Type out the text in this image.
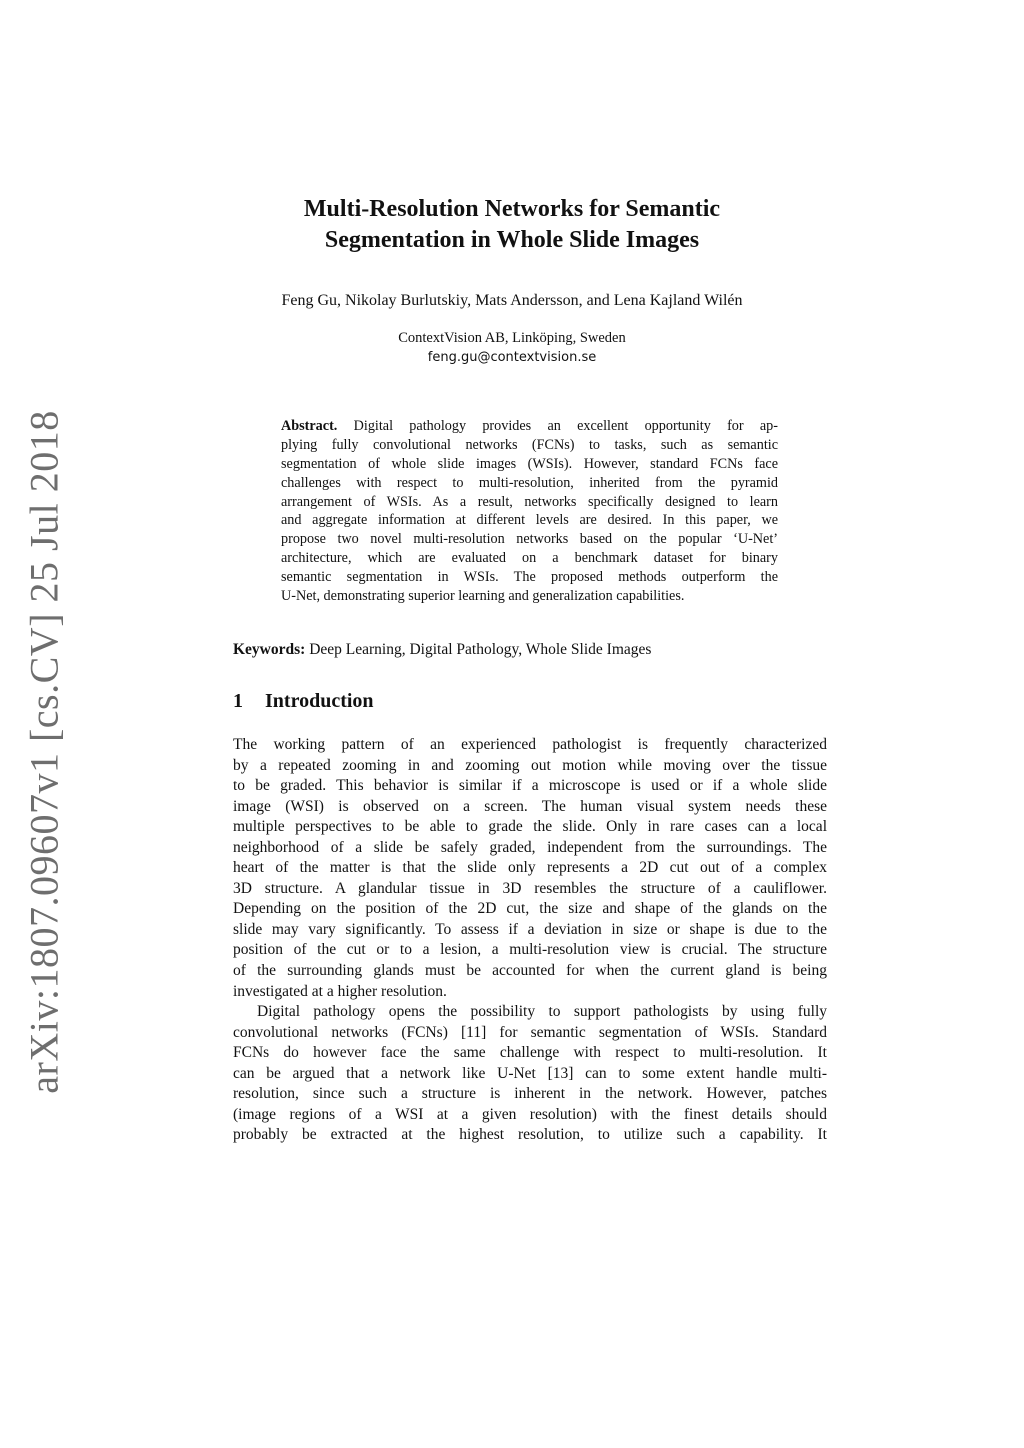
arXiv:1807.09607v1 [cs.CV] 25 Jul 2018
Multi-Resolution Networks for Semantic
Segmentation in Whole Slide Images
Feng Gu, Nikolay Burlutskiy, Mats Andersson, and Lena Kajland Wilén
ContextVision AB, Linköping, Sweden
feng.gu@contextvision.se
Abstract. Digital pathology provides an excellent opportunity for ap-
plying fully convolutional networks (FCNs) to tasks, such as semantic
segmentation of whole slide images (WSIs). However, standard FCNs face
challenges with respect to multi-resolution, inherited from the pyramid
arrangement of WSIs. As a result, networks specifically designed to learn
and aggregate information at different levels are desired. In this paper, we
propose two novel multi-resolution networks based on the popular ‘U-Net’
architecture, which are evaluated on a benchmark dataset for binary
semantic segmentation in WSIs. The proposed methods outperform the
U-Net, demonstrating superior learning and generalization capabilities.
Keywords: Deep Learning, Digital Pathology, Whole Slide Images
1 Introduction
The working pattern of an experienced pathologist is frequently characterized
by a repeated zooming in and zooming out motion while moving over the tissue
to be graded. This behavior is similar if a microscope is used or if a whole slide
image (WSI) is observed on a screen. The human visual system needs these
multiple perspectives to be able to grade the slide. Only in rare cases can a local
neighborhood of a slide be safely graded, independent from the surroundings. The
heart of the matter is that the slide only represents a 2D cut out of a complex
3D structure. A glandular tissue in 3D resembles the structure of a cauliflower.
Depending on the position of the 2D cut, the size and shape of the glands on the
slide may vary significantly. To assess if a deviation in size or shape is due to the
position of the cut or to a lesion, a multi-resolution view is crucial. The structure
of the surrounding glands must be accounted for when the current gland is being
investigated at a higher resolution.
Digital pathology opens the possibility to support pathologists by using fully
convolutional networks (FCNs) [11] for semantic segmentation of WSIs. Standard
FCNs do however face the same challenge with respect to multi-resolution. It
can be argued that a network like U-Net [13] can to some extent handle multi-
resolution, since such a structure is inherent in the network. However, patches
(image regions of a WSI at a given resolution) with the finest details should
probably be extracted at the highest resolution, to utilize such a capability. It
